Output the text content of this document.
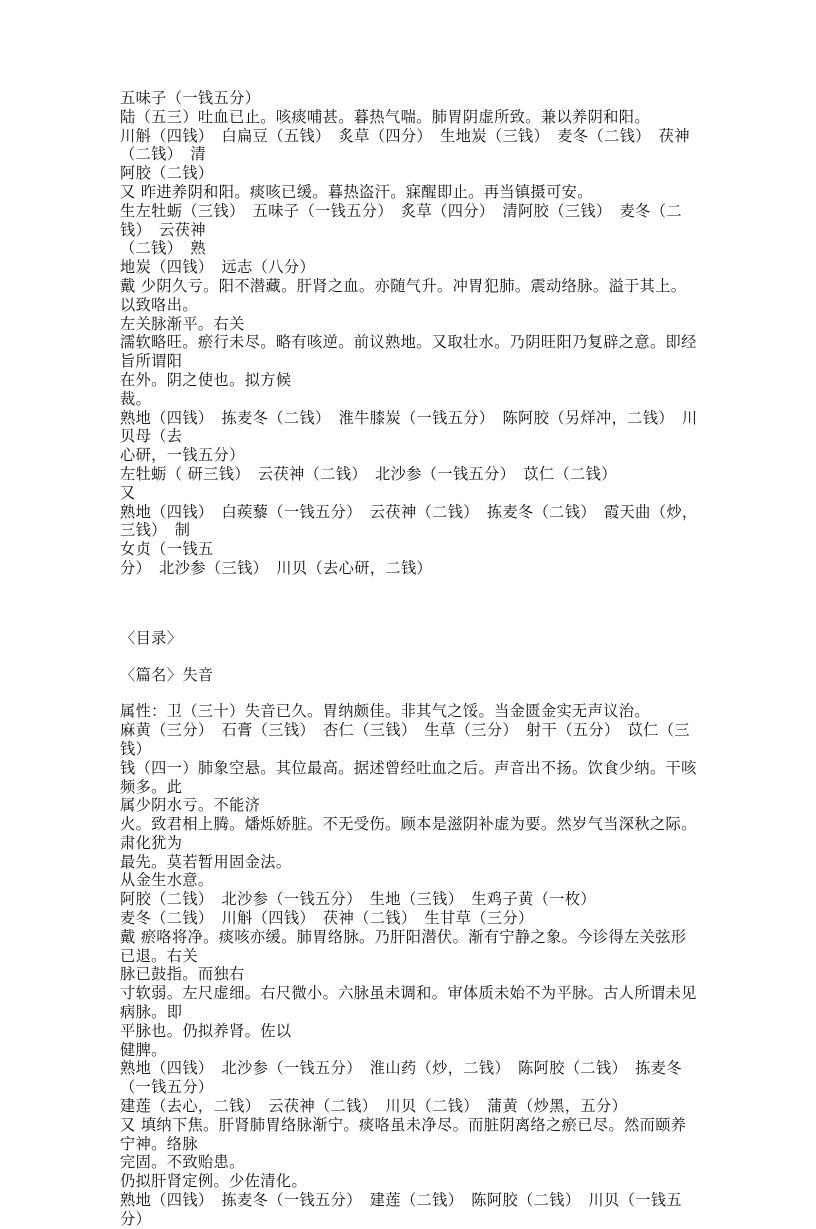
五味子（一钱五分）
陆（五三）吐血已止。咳痰哺甚。暮热气喘。肺胃阴虚所致。兼以养阴和阳。
川斛（四钱）　白扁豆（五钱）　炙草（四分）　生地炭（三钱）　麦冬（二钱）　茯神（二钱）　清
阿胶（二钱）
又 昨进养阴和阳。痰咳已缓。暮热盗汗。寐醒即止。再当镇摄可安。
生左牡蛎（三钱）　五味子（一钱五分）　炙草（四分）　清阿胶（三钱）　麦冬（二钱）　云茯神
（二钱）　熟
地炭（四钱）　远志（八分）
戴 少阴久亏。阳不潜藏。肝肾之血。亦随气升。冲胃犯肺。震动络脉。溢于其上。以致咯出。
左关脉渐平。右关
濡软略旺。瘀行未尽。略有咳逆。前议熟地。又取壮水。乃阴旺阳乃复辟之意。即经旨所谓阳
在外。阴之使也。拟方候
裁。
熟地（四钱）　拣麦冬（二钱）　淮牛膝炭（一钱五分）　陈阿胶（另烊冲，二钱）　川贝母（去
心研，一钱五分）
左牡蛎（ 研三钱）　云茯神（二钱）　北沙参（一钱五分）　苡仁（二钱）
又
熟地（四钱）　白蒺藜（一钱五分）　云茯神（二钱）　拣麦冬（二钱）　霞天曲（炒，三钱）　制
女贞（一钱五
分）　北沙参（三钱）　川贝（去心研，二钱）
〈目录〉
〈篇名〉失音
属性：卫（三十）失音已久。胃纳颇佳。非其气之馁。当金匮金实无声议治。
麻黄（三分）　石膏（三钱）　杏仁（三钱）　生草（三分）　射干（五分）　苡仁（三钱）
钱（四一）肺象空悬。其位最高。据述曾经吐血之后。声音出不扬。饮食少纳。干咳频多。此
属少阴水亏。不能济
火。致君相上腾。燔烁娇脏。不无受伤。顾本是滋阴补虚为要。然岁气当深秋之际。肃化犹为
最先。莫若暂用固金法。
从金生水意。
阿胶（二钱）　北沙参（一钱五分）　生地（三钱）　生鸡子黄（一枚）
麦冬（二钱）　川斛（四钱）　茯神（二钱）　生甘草（三分）
戴 瘀咯将净。痰咳亦缓。肺胃络脉。乃肝阳潜伏。渐有宁静之象。今诊得左关弦形已退。右关
脉已鼓指。而独右
寸软弱。左尺虚细。右尺微小。六脉虽未调和。审体质未始不为平脉。古人所谓未见病脉。即
平脉也。仍拟养肾。佐以
健脾。
熟地（四钱）　北沙参（一钱五分）　淮山药（炒，二钱）　陈阿胶（二钱）　拣麦冬（一钱五分）
建莲（去心，二钱）　云茯神（二钱）　川贝（二钱）　蒲黄（炒黑，五分）
又 填纳下焦。肝肾肺胃络脉渐宁。痰咯虽未净尽。而脏阴离络之瘀已尽。然而颐养宁神。络脉
完固。不致贻患。
仍拟肝肾定例。少佐清化。
熟地（四钱）　拣麦冬（一钱五分）　建莲（二钱）　陈阿胶（二钱）　川贝（一钱五分）
